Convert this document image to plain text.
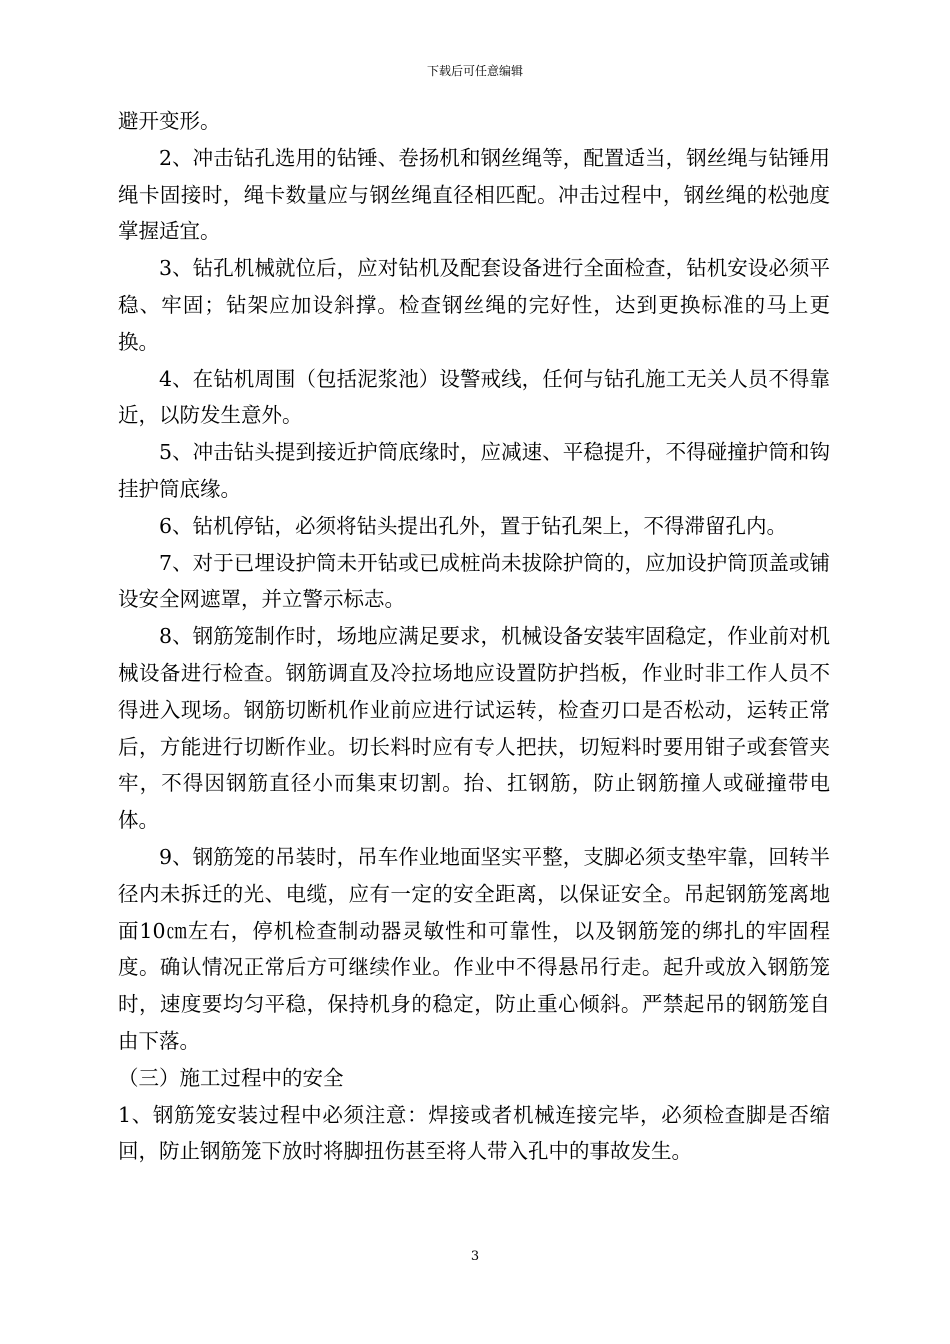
下载后可任意编辑

避开变形。

2、冲击钻孔选用的钻锤、卷扬机和钢丝绳等，配置适当，钢丝绳与钻锤用绳卡固接时，绳卡数量应与钢丝绳直径相匹配。冲击过程中，钢丝绳的松弛度掌握适宜。

3、钻孔机械就位后，应对钻机及配套设备进行全面检查，钻机安设必须平稳、牢固；钻架应加设斜撑。检查钢丝绳的完好性，达到更换标准的马上更换。

4、在钻机周围（包括泥浆池）设警戒线，任何与钻孔施工无关人员不得靠近，以防发生意外。

5、冲击钻头提到接近护筒底缘时，应减速、平稳提升，不得碰撞护筒和钩挂护筒底缘。

6、钻机停钻，必须将钻头提出孔外，置于钻孔架上，不得滞留孔内。

7、对于已埋设护筒未开钻或已成桩尚未拔除护筒的，应加设护筒顶盖或铺设安全网遮罩，并立警示标志。

8、钢筋笼制作时，场地应满足要求，机械设备安装牢固稳定，作业前对机械设备进行检查。钢筋调直及冷拉场地应设置防护挡板，作业时非工作人员不得进入现场。钢筋切断机作业前应进行试运转，检查刃口是否松动，运转正常后，方能进行切断作业。切长料时应有专人把扶，切短料时要用钳子或套管夹牢，不得因钢筋直径小而集束切割。抬、扛钢筋，防止钢筋撞人或碰撞带电体。

9、钢筋笼的吊装时，吊车作业地面坚实平整，支脚必须支垫牢靠，回转半径内未拆迁的光、电缆，应有一定的安全距离，以保证安全。吊起钢筋笼离地面10㎝左右，停机检查制动器灵敏性和可靠性，以及钢筋笼的绑扎的牢固程度。确认情况正常后方可继续作业。作业中不得悬吊行走。起升或放入钢筋笼时，速度要均匀平稳，保持机身的稳定，防止重心倾斜。严禁起吊的钢筋笼自由下落。

（三）施工过程中的安全

1、钢筋笼安装过程中必须注意：焊接或者机械连接完毕，必须检查脚是否缩回，防止钢筋笼下放时将脚扭伤甚至将人带入孔中的事故发生。

3
